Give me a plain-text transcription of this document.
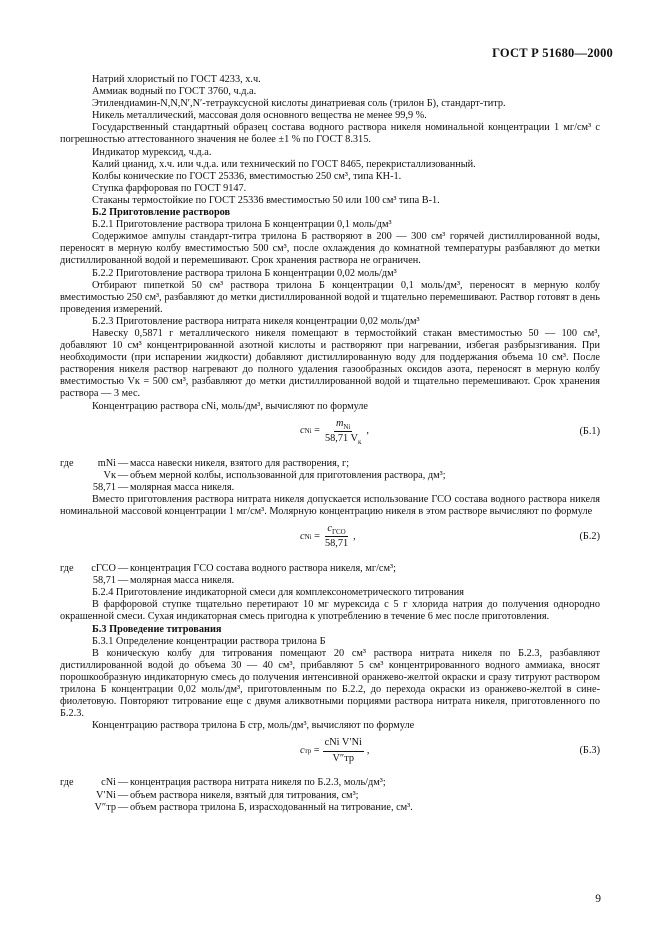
ГОСТ Р 51680—2000

Натрий хлористый по ГОСТ 4233, х.ч.

Аммиак водный по ГОСТ 3760, ч.д.а.

Этилендиамин-N,N,N′,N′-тетрауксусной кислоты динатриевая соль (трилон Б), стандарт-титр.

Никель металлический, массовая доля основного вещества не менее 99,9 %.

Государственный стандартный образец состава водного раствора никеля номинальной концентрации 1 мг/см³ с погрешностью аттестованного значения не более ±1 % по ГОСТ 8.315.

Индикатор мурексид, ч.д.а.

Калий цианид, х.ч. или ч.д.а. или технический по ГОСТ 8465, перекристаллизованный.

Колбы конические по ГОСТ 25336, вместимостью 250 см³, типа КН-1.

Ступка фарфоровая по ГОСТ 9147.

Стаканы термостойкие по ГОСТ 25336 вместимостью 50 или 100 см³ типа В-1.

Б.2 Приготовление растворов

Б.2.1 Приготовление раствора трилона Б концентрации 0,1 моль/дм³

Содержимое ампулы стандарт-титра трилона Б растворяют в 200 — 300 см³ горячей дистиллированной воды, переносят в мерную колбу вместимостью 500 см³, после охлаждения до комнатной температуры разбавляют до метки дистиллированной водой и перемешивают. Срок хранения раствора не ограничен.

Б.2.2 Приготовление раствора трилона Б концентрации 0,02 моль/дм³

Отбирают пипеткой 50 см³ раствора трилона Б концентрации 0,1 моль/дм³, переносят в мерную колбу вместимостью 250 см³, разбавляют до метки дистиллированной водой и тщательно перемешивают. Раствор готовят в день проведения измерений.

Б.2.3 Приготовление раствора нитрата никеля концентрации 0,02 моль/дм³

Навеску 0,5871 г металлического никеля помещают в термостойкий стакан вместимостью 50 — 100 см³, добавляют 10 см³ концентрированной азотной кислоты и растворяют при нагревании, избегая разбрызгивания. При необходимости (при испарении жидкости) добавляют дистиллированную воду для поддержания объема 10 см³. После растворения никеля раствор нагревают до полного удаления газообразных оксидов азота, переносят в мерную колбу вместимостью Vк = 500 см³, разбавляют до метки дистиллированной водой и тщательно перемешивают. Срок хранения раствора — 3 мес.

Концентрацию раствора cNi, моль/дм³, вычисляют по формуле

c $Ni = \frac{m_{Ni}}{58,71 V_к}$ ,	(Б.1)
где	mNi — масса навески никеля, взятого для растворения, г;
Vк — объем мерной колбы, использованной для приготовления раствора, дм³;
58,71 — молярная масса никеля.

Вместо приготовления раствора нитрата никеля допускается использование ГСО состава водного раствора никеля номинальной массовой концентрации 1 мг/см³. Молярную концентрацию никеля в этом растворе вычисляют по формуле

c $Ni = \frac{c_{ГСО}}{58,71}$ ,	(Б.2)
где	cГСО — концентрация ГСО состава водного раствора никеля, мг/см³;
58,71 — молярная масса никеля.

Б.2.4 Приготовление индикаторной смеси для комплексонометрического титрования

В фарфоровой ступке тщательно перетирают 10 мг мурексида с 5 г хлорида натрия до получения однородно окрашенной смеси. Сухая индикаторная смесь пригодна к употреблению в течение 6 мес после приготовления.

Б.3 Проведение титрования

Б.3.1 Определение концентрации раствора трилона Б

В коническую колбу для титрования помещают 20 см³ раствора нитрата никеля по Б.2.3, разбавляют дистиллированной водой до объема 30 — 40 см³, прибавляют 5 см³ концентрированного водного аммиака, вносят порошкообразную индикаторную смесь до получения интенсивной оранжево-желтой окраски и сразу титруют раствором трилона Б концентрации 0,02 моль/дм³, приготовленным по Б.2.2, до перехода окраски из оранжево-желтой в сине-фиолетовую. Повторяют титрование еще с двумя аликвотными порциями раствора нитрата никеля, приготовленного по Б.2.3.

Концентрацию раствора трилона Б cтр, моль/дм³, вычисляют по формуле

c тр = $\frac{\text{cNi V′Ni}}{V''тр}$ ,	(Б.3)
где	cNi — концентрация раствора нитрата никеля по Б.2.3, моль/дм³;
V′Ni — объем раствора никеля, взятый для титрования, см³;
V″тр — объем раствора трилона Б, израсходованный на титрование, см³.
9
